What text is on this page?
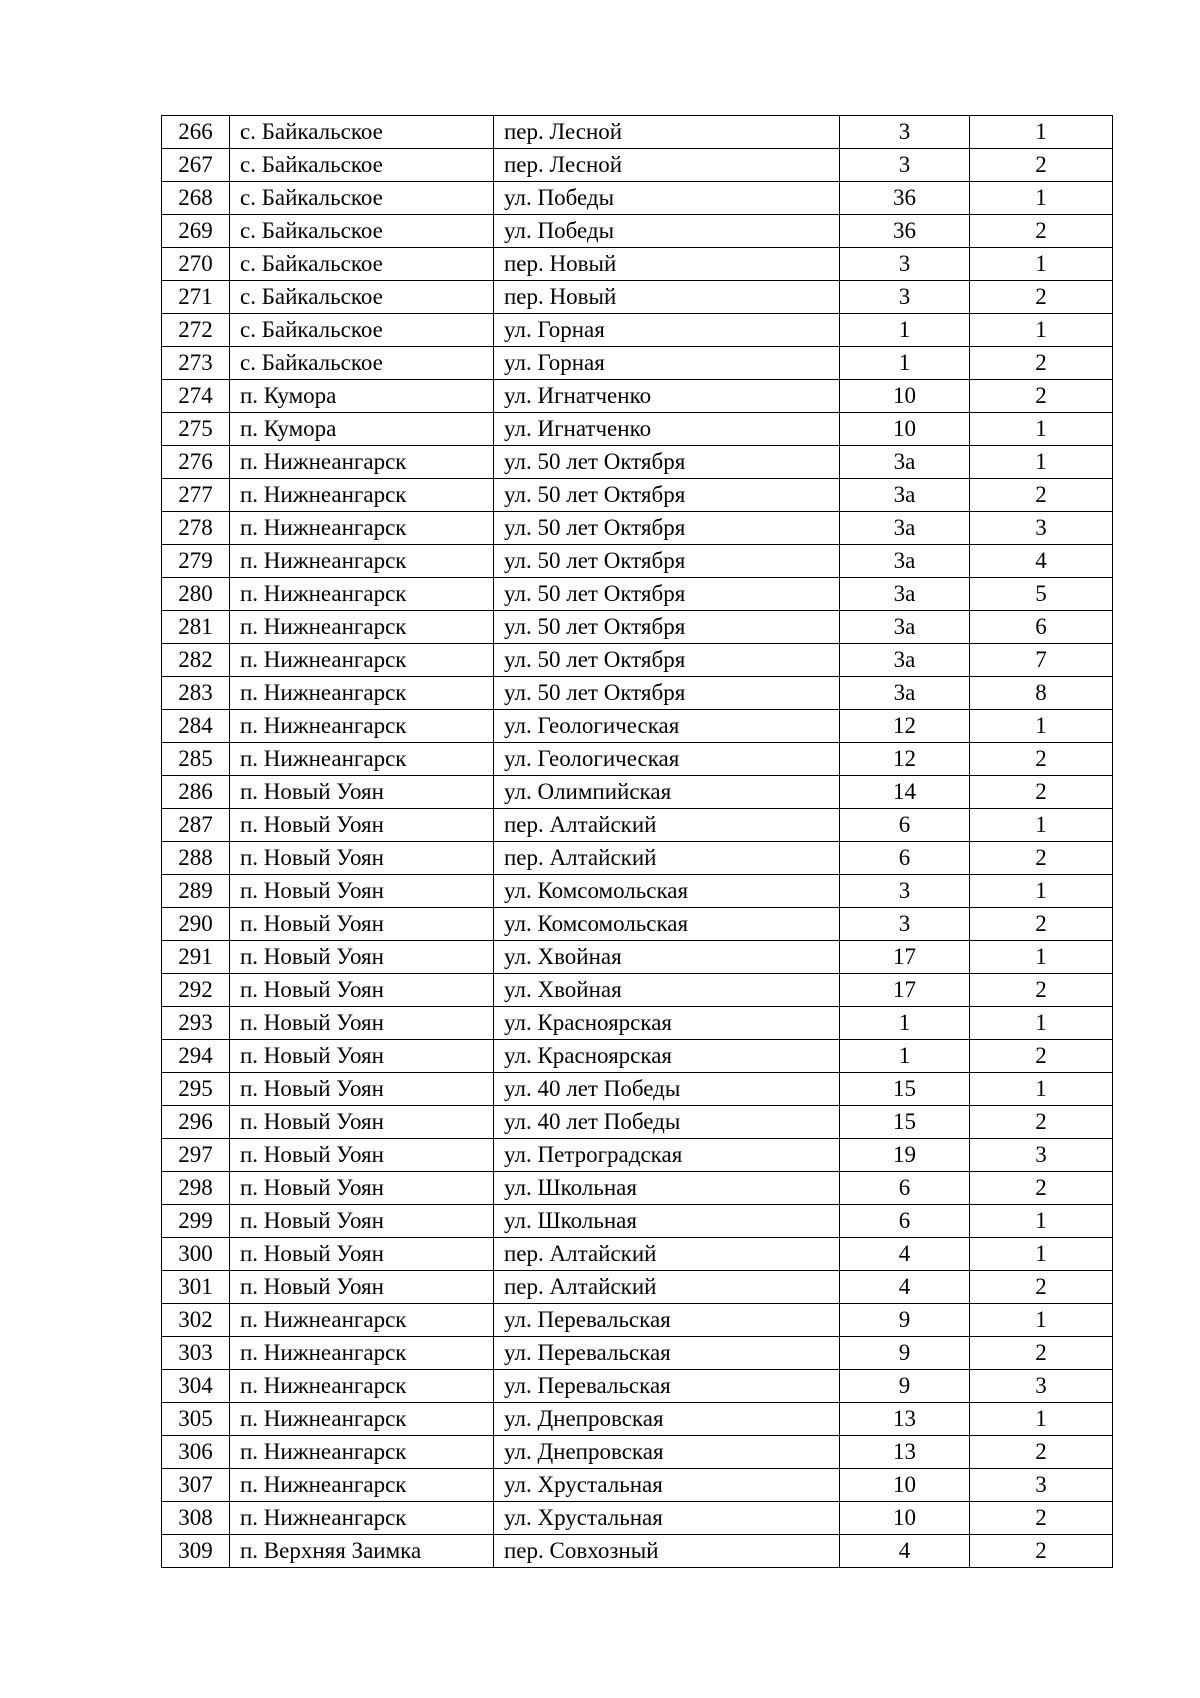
266	с. Байкальское	пер. Лесной	3	1
267	с. Байкальское	пер. Лесной	3	2
268	с. Байкальское	ул. Победы	36	1
269	с. Байкальское	ул. Победы	36	2
270	с. Байкальское	пер. Новый	3	1
271	с. Байкальское	пер. Новый	3	2
272	с. Байкальское	ул. Горная	1	1
273	с. Байкальское	ул. Горная	1	2
274	п. Кумора	ул. Игнатченко	10	2
275	п. Кумора	ул. Игнатченко	10	1
276	п. Нижнеангарск	ул. 50 лет Октября	3а	1
277	п. Нижнеангарск	ул. 50 лет Октября	3а	2
278	п. Нижнеангарск	ул. 50 лет Октября	3а	3
279	п. Нижнеангарск	ул. 50 лет Октября	3а	4
280	п. Нижнеангарск	ул. 50 лет Октября	3а	5
281	п. Нижнеангарск	ул. 50 лет Октября	3а	6
282	п. Нижнеангарск	ул. 50 лет Октября	3а	7
283	п. Нижнеангарск	ул. 50 лет Октября	3а	8
284	п. Нижнеангарск	ул. Геологическая	12	1
285	п. Нижнеангарск	ул. Геологическая	12	2
286	п. Новый Уоян	ул. Олимпийская	14	2
287	п. Новый Уоян	пер. Алтайский	6	1
288	п. Новый Уоян	пер. Алтайский	6	2
289	п. Новый Уоян	ул. Комсомольская	3	1
290	п. Новый Уоян	ул. Комсомольская	3	2
291	п. Новый Уоян	ул. Хвойная	17	1
292	п. Новый Уоян	ул. Хвойная	17	2
293	п. Новый Уоян	ул. Красноярская	1	1
294	п. Новый Уоян	ул. Красноярская	1	2
295	п. Новый Уоян	ул. 40 лет Победы	15	1
296	п. Новый Уоян	ул. 40 лет Победы	15	2
297	п. Новый Уоян	ул. Петроградская	19	3
298	п. Новый Уоян	ул. Школьная	6	2
299	п. Новый Уоян	ул. Школьная	6	1
300	п. Новый Уоян	пер. Алтайский	4	1
301	п. Новый Уоян	пер. Алтайский	4	2
302	п. Нижнеангарск	ул. Перевальская	9	1
303	п. Нижнеангарск	ул. Перевальская	9	2
304	п. Нижнеангарск	ул. Перевальская	9	3
305	п. Нижнеангарск	ул. Днепровская	13	1
306	п. Нижнеангарск	ул. Днепровская	13	2
307	п. Нижнеангарск	ул. Хрустальная	10	3
308	п. Нижнеангарск	ул. Хрустальная	10	2
309	п. Верхняя Заимка	пер. Совхозный	4	2
